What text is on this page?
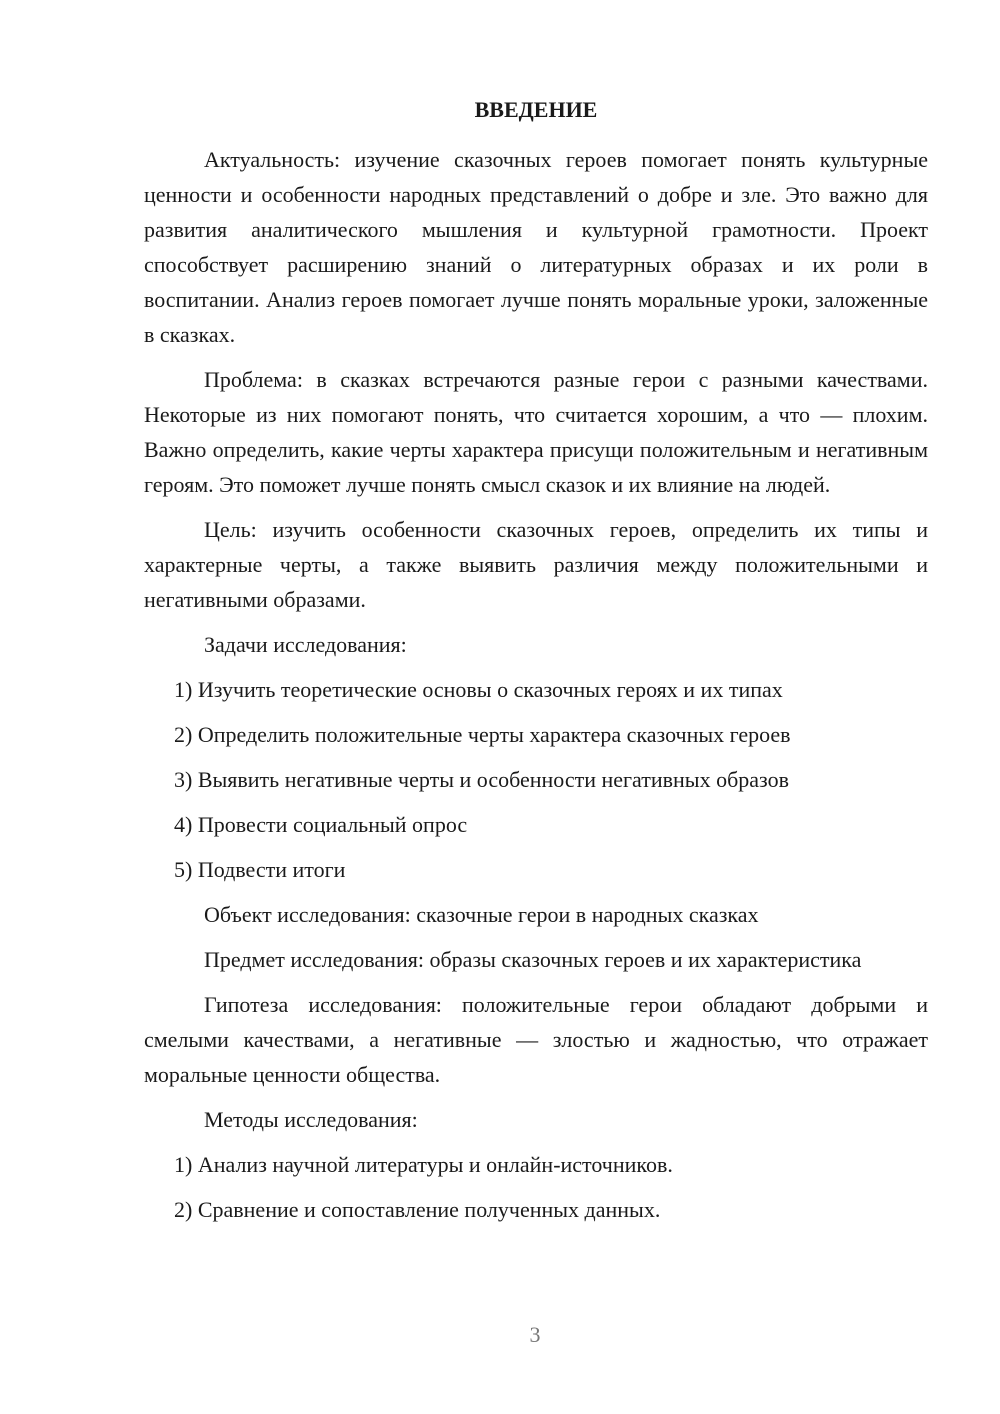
ВВЕДЕНИЕ

Актуальность: изучение сказочных героев помогает понять культурные ценности и особенности народных представлений о добре и зле. Это важно для развития аналитического мышления и культурной грамотности. Проект способствует расширению знаний о литературных образах и их роли в воспитании. Анализ героев помогает лучше понять моральные уроки, заложенные в сказках.

Проблема: в сказках встречаются разные герои с разными качествами. Некоторые из них помогают понять, что считается хорошим, а что — плохим. Важно определить, какие черты характера присущи положительным и негативным героям. Это поможет лучше понять смысл сказок и их влияние на людей.

Цель: изучить особенности сказочных героев, определить их типы и характерные черты, а также выявить различия между положительными и негативными образами.

Задачи исследования:

1) Изучить теоретические основы о сказочных героях и их типах
2) Определить положительные черты характера сказочных героев
3) Выявить негативные черты и особенности негативных образов
4) Провести социальный опрос
5) Подвести итоги

Объект исследования: сказочные герои в народных сказках

Предмет исследования: образы сказочных героев и их характеристика

Гипотеза исследования: положительные герои обладают добрыми и смелыми качествами, а негативные — злостью и жадностью, что отражает моральные ценности общества.

Методы исследования:

1) Анализ научной литературы и онлайн-источников.
2) Сравнение и сопоставление полученных данных.
3
